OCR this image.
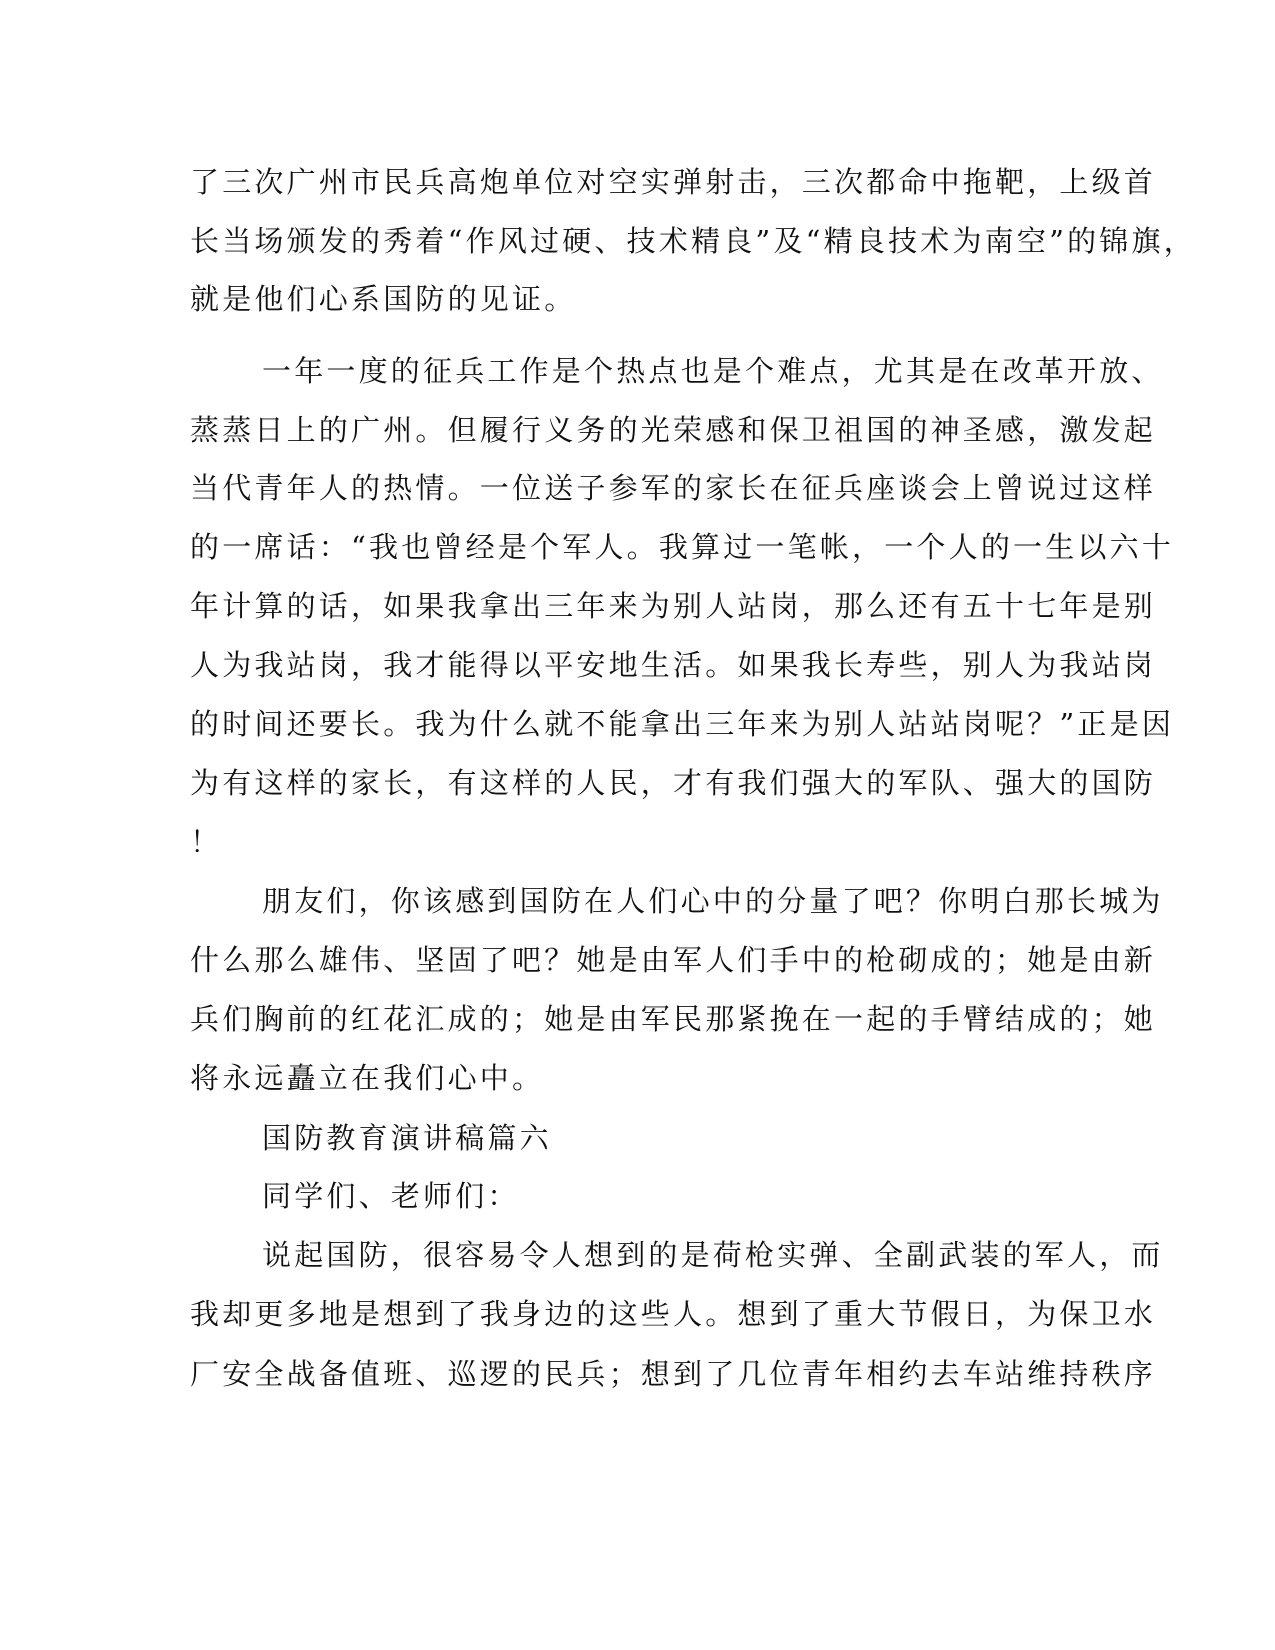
了三次广州市民兵高炮单位对空实弹射击，三次都命中拖靶，上级首
长当场颁发的秀着“作风过硬、技术精良”及“精良技术为南空”的锦旗，
就是他们心系国防的见证。
一年一度的征兵工作是个热点也是个难点，尤其是在改革开放、
蒸蒸日上的广州。但履行义务的光荣感和保卫祖国的神圣感，激发起
当代青年人的热情。一位送子参军的家长在征兵座谈会上曾说过这样
的一席话：“我也曾经是个军人。我算过一笔帐，一个人的一生以六十
年计算的话，如果我拿出三年来为别人站岗，那么还有五十七年是别
人为我站岗，我才能得以平安地生活。如果我长寿些，别人为我站岗
的时间还要长。我为什么就不能拿出三年来为别人站站岗呢？”正是因
为有这样的家长，有这样的人民，才有我们强大的军队、强大的国防
！
朋友们，你该感到国防在人们心中的分量了吧？你明白那长城为
什么那么雄伟、坚固了吧？她是由军人们手中的枪砌成的；她是由新
兵们胸前的红花汇成的；她是由军民那紧挽在一起的手臂结成的；她
将永远矗立在我们心中。
国防教育演讲稿篇六
同学们、老师们：
说起国防，很容易令人想到的是荷枪实弹、全副武装的军人，而
我却更多地是想到了我身边的这些人。想到了重大节假日，为保卫水
厂安全战备值班、巡逻的民兵；想到了几位青年相约去车站维持秩序
